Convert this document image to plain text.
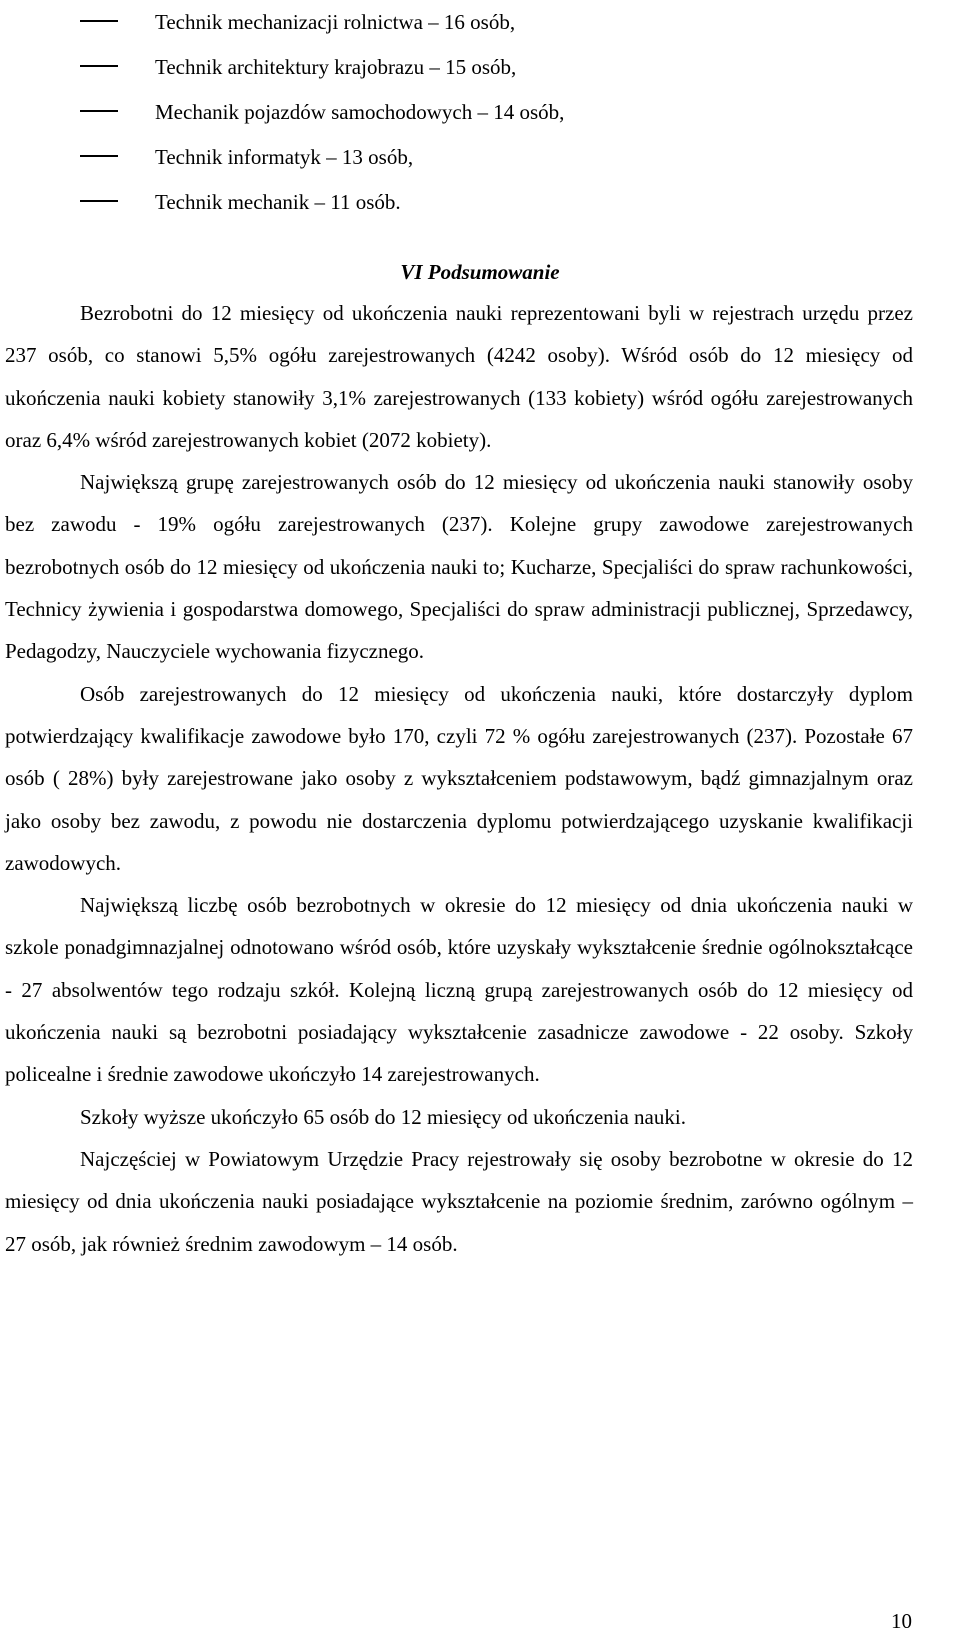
Technik mechanizacji rolnictwa – 16 osób,
Technik architektury krajobrazu – 15 osób,
Mechanik pojazdów samochodowych – 14 osób,
Technik informatyk – 13 osób,
Technik mechanik – 11 osób.
VI Podsumowanie

Bezrobotni do 12 miesięcy od ukończenia nauki reprezentowani byli w rejestrach urzędu przez 237 osób, co stanowi 5,5% ogółu zarejestrowanych (4242 osoby). Wśród osób do 12 miesięcy od ukończenia nauki kobiety stanowiły 3,1% zarejestrowanych (133 kobiety) wśród ogółu zarejestrowanych oraz 6,4% wśród zarejestrowanych kobiet (2072 kobiety).

Największą grupę zarejestrowanych osób do 12 miesięcy od ukończenia nauki stanowiły osoby bez zawodu - 19% ogółu zarejestrowanych (237). Kolejne grupy zawodowe zarejestrowanych bezrobotnych osób do 12 miesięcy od ukończenia nauki to; Kucharze, Specjaliści do spraw rachunkowości, Technicy żywienia i gospodarstwa domowego, Specjaliści do spraw administracji publicznej, Sprzedawcy, Pedagodzy, Nauczyciele wychowania fizycznego.

Osób zarejestrowanych do 12 miesięcy od ukończenia nauki, które dostarczyły dyplom potwierdzający kwalifikacje zawodowe było 170, czyli 72 % ogółu zarejestrowanych (237). Pozostałe 67 osób ( 28%) były zarejestrowane jako osoby z wykształceniem podstawowym, bądź gimnazjalnym oraz jako osoby bez zawodu, z powodu nie dostarczenia dyplomu potwierdzającego uzyskanie kwalifikacji zawodowych.

Największą liczbę osób bezrobotnych w okresie do 12 miesięcy od dnia ukończenia nauki w szkole ponadgimnazjalnej odnotowano wśród osób, które uzyskały wykształcenie średnie ogólnokształcące - 27 absolwentów tego rodzaju szkół. Kolejną liczną grupą zarejestrowanych osób do 12 miesięcy od ukończenia nauki są bezrobotni posiadający wykształcenie zasadnicze zawodowe - 22 osoby. Szkoły policealne i średnie zawodowe ukończyło 14 zarejestrowanych.

Szkoły wyższe ukończyło 65 osób do 12 miesięcy od ukończenia nauki.

Najczęściej w Powiatowym Urzędzie Pracy rejestrowały się osoby bezrobotne w okresie do 12 miesięcy od dnia ukończenia nauki posiadające wykształcenie na poziomie średnim, zarówno ogólnym – 27 osób, jak również średnim zawodowym – 14 osób.

10
